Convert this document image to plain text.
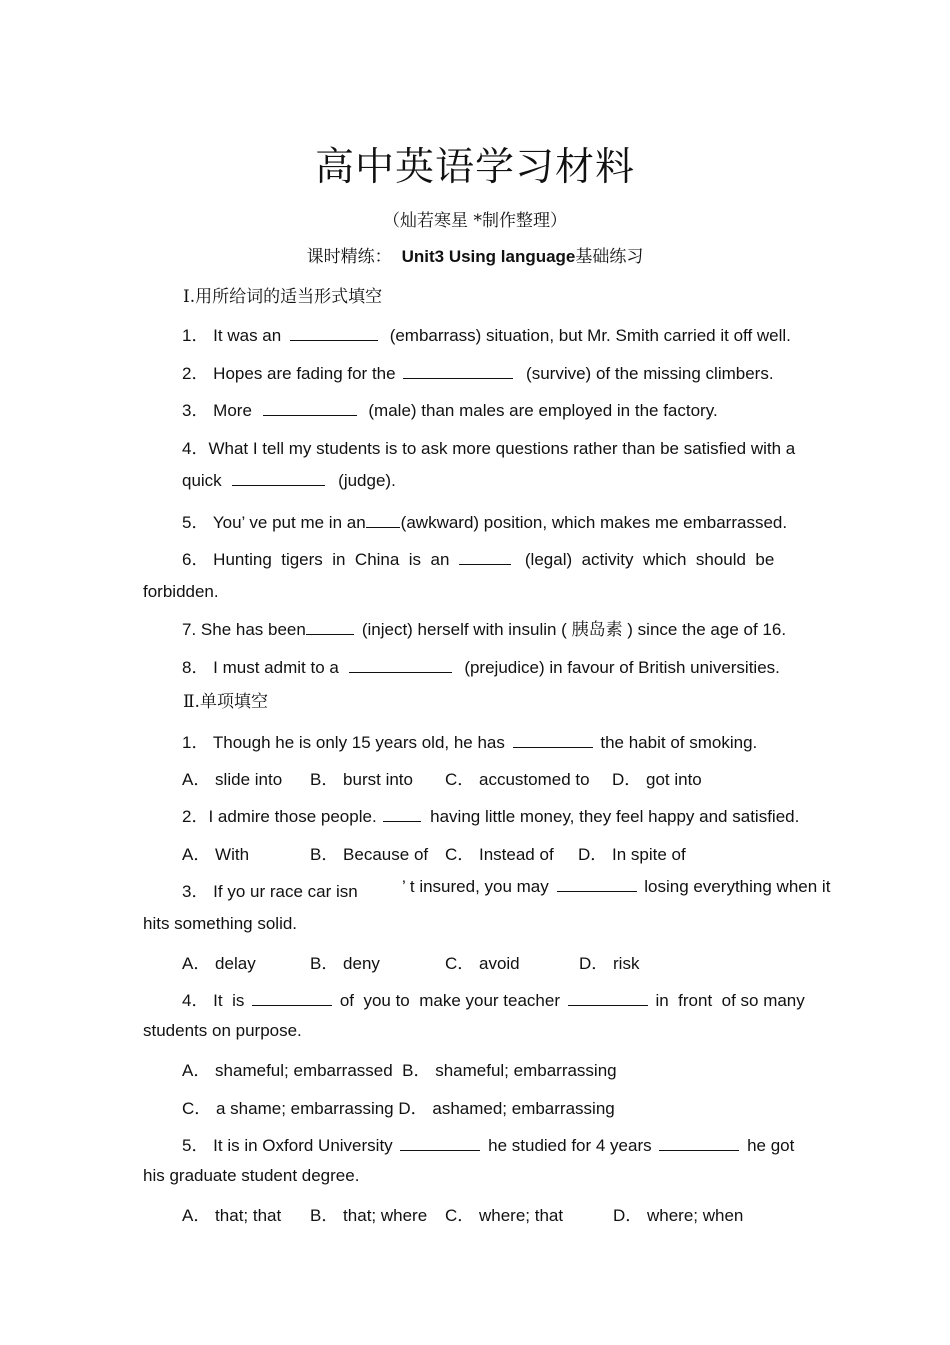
高中英语学习材料
（灿若寒星 *制作整理）
课时精练： Unit3 Using language基础练习
Ⅰ.用所给词的适当形式填空
1． It was an	(embarrass) situation, but Mr. Smith carried it off well.
2． Hopes are fading for the	(survive) of the missing climbers.
3． More	(male) than males are employed in the factory.
4．What I tell my students is to ask more questions rather than be satisfied with a
quick	(judge).
5． You’ ve put me in an (awkward) position, which makes me embarrassed.
6． Hunting  tigers  in  China  is  an	(legal)  activity  which  should  be
forbidden.
7. She has been	(inject) herself with insulin ( 胰岛素 ) since the age of 16.
8． I must admit to a	(prejudice) in favour of British universities.
Ⅱ.单项填空
1． Though he is only 15 years old, he has	the habit of smoking.
A． slide into B． burst into C． accustomed to D． got into
2．I admire those people.	having little money, they feel happy and satisfied.
A． With	B． Because of C． Instead of D． In spite of
3． If yo ur race car isn	’ t insured, you may	losing everything when it
hits something solid.
A． delay	B． deny	C． avoid	D． risk
4． It  is	of  you to  make your teacher	in  front  of so many
students on purpose.
A． shameful; embarrassed  B． shameful; embarrassing
C． a shame; embarrassing D． ashamed; embarrassing
5． It is in Oxford University	he studied for 4 years	he got
his graduate student degree.
A． that; that B． that; where C． where; that	D． where; when
